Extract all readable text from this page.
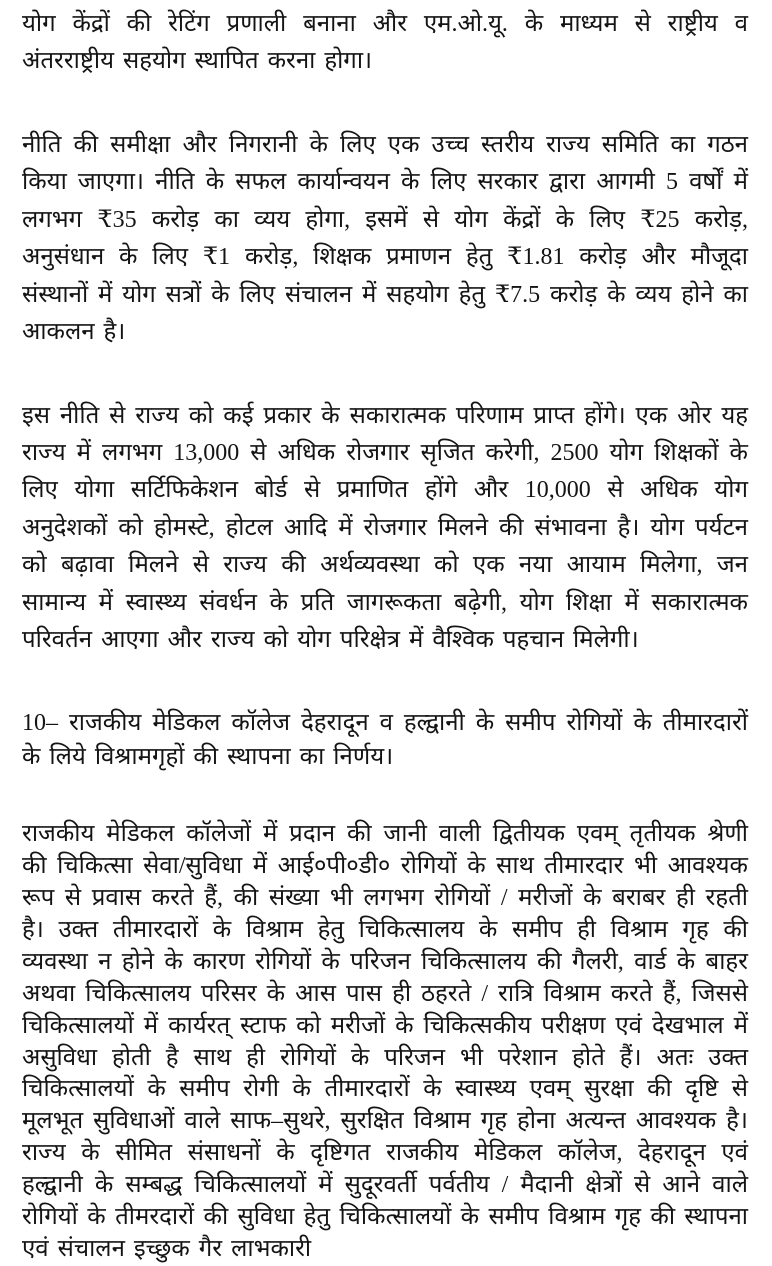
योग केंद्रों की रेटिंग प्रणाली बनाना और एम.ओ.यू. के माध्यम से राष्ट्रीय व अंतरराष्ट्रीय सहयोग स्थापित करना होगा।

नीति की समीक्षा और निगरानी के लिए एक उच्च स्तरीय राज्य समिति का गठन किया जाएगा। नीति के सफल कार्यान्वयन के लिए सरकार द्वारा आगमी 5 वर्षों में लगभग ₹35 करोड़ का व्यय होगा, इसमें से योग केंद्रों के लिए ₹25 करोड़, अनुसंधान के लिए ₹1 करोड़, शिक्षक प्रमाणन हेतु ₹1.81 करोड़ और मौजूदा संस्थानों में योग सत्रों के लिए संचालन में सहयोग हेतु ₹7.5 करोड़ के व्यय होने का आकलन है।

इस नीति से राज्य को कई प्रकार के सकारात्मक परिणाम प्राप्त होंगे। एक ओर यह राज्य में लगभग 13,000 से अधिक रोजगार सृजित करेगी, 2500 योग शिक्षकों के लिए योगा सर्टिफिकेशन बोर्ड से प्रमाणित होंगे और 10,000 से अधिक योग अनुदेशकों को होमस्टे, होटल आदि में रोजगार मिलने की संभावना है। योग पर्यटन को बढ़ावा मिलने से राज्य की अर्थव्यवस्था को एक नया आयाम मिलेगा, जन सामान्य में स्वास्थ्य संवर्धन के प्रति जागरूकता बढ़ेगी, योग शिक्षा में सकारात्मक परिवर्तन आएगा और राज्य को योग परिक्षेत्र में वैश्विक पहचान मिलेगी।

10– राजकीय मेडिकल कॉलेज देहरादून व हल्द्वानी के समीप रोगियों के तीमारदारों के लिये विश्रामगृहों की स्थापना का निर्णय।

राजकीय मेडिकल कॉलेजों में प्रदान की जानी वाली द्वितीयक एवम् तृतीयक श्रेणी की चिकित्सा सेवा/सुविधा में आई०पी०डी० रोगियों के साथ तीमारदार भी आवश्यक रूप से प्रवास करते हैं, की संख्या भी लगभग रोगियों / मरीजों के बराबर ही रहती है। उक्त तीमारदारों के विश्राम हेतु चिकित्सालय के समीप ही विश्राम गृह की व्यवस्था न होने के कारण रोगियों के परिजन चिकित्सालय की गैलरी, वार्ड के बाहर अथवा चिकित्सालय परिसर के आस पास ही ठहरते / रात्रि विश्राम करते हैं, जिससे चिकित्सालयों में कार्यरत् स्टाफ को मरीजों के चिकित्सकीय परीक्षण एवं देखभाल में असुविधा होती है साथ ही रोगियों के परिजन भी परेशान होते हैं। अतः उक्त चिकित्सालयों के समीप रोगी के तीमारदारों के स्वास्थ्य एवम् सुरक्षा की दृष्टि से मूलभूत सुविधाओं वाले साफ–सुथरे, सुरक्षित विश्राम गृह होना अत्यन्त आवश्यक है। राज्य के सीमित संसाधनों के दृष्टिगत राजकीय मेडिकल कॉलेज, देहरादून एवं हल्द्वानी के सम्बद्ध चिकित्सालयों में सुदूरवर्ती पर्वतीय / मैदानी क्षेत्रों से आने वाले रोगियों के तीमरदारों की सुविधा हेतु चिकित्सालयों के समीप विश्राम गृह की स्थापना एवं संचालन इच्छुक गैर लाभकारी
